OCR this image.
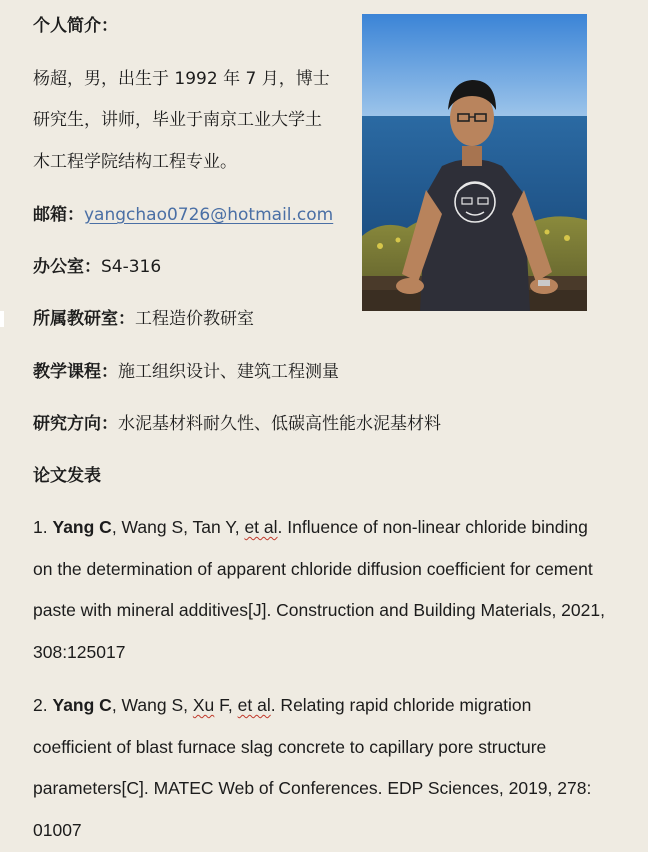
个人简介：
杨超，男，出生于 1992 年 7 月，博士
研究生，讲师，毕业于南京工业大学土
木工程学院结构工程专业。
邮箱：yangchao0726@hotmail.com
办公室：S4-316
所属教研室：工程造价教研室
教学课程：施工组织设计、建筑工程测量
研究方向：水泥基材料耐久性、低碳高性能水泥基材料
论文发表
1. Yang C, Wang S, Tan Y, et al. Influence of non-linear chloride binding on the determination of apparent chloride diffusion coefficient for cement paste with mineral additives[J]. Construction and Building Materials, 2021, 308:125017
2. Yang C, Wang S, Xu F, et al. Relating rapid chloride migration coefficient of blast furnace slag concrete to capillary pore structure parameters[C]. MATEC Web of Conferences. EDP Sciences, 2019, 278: 01007
